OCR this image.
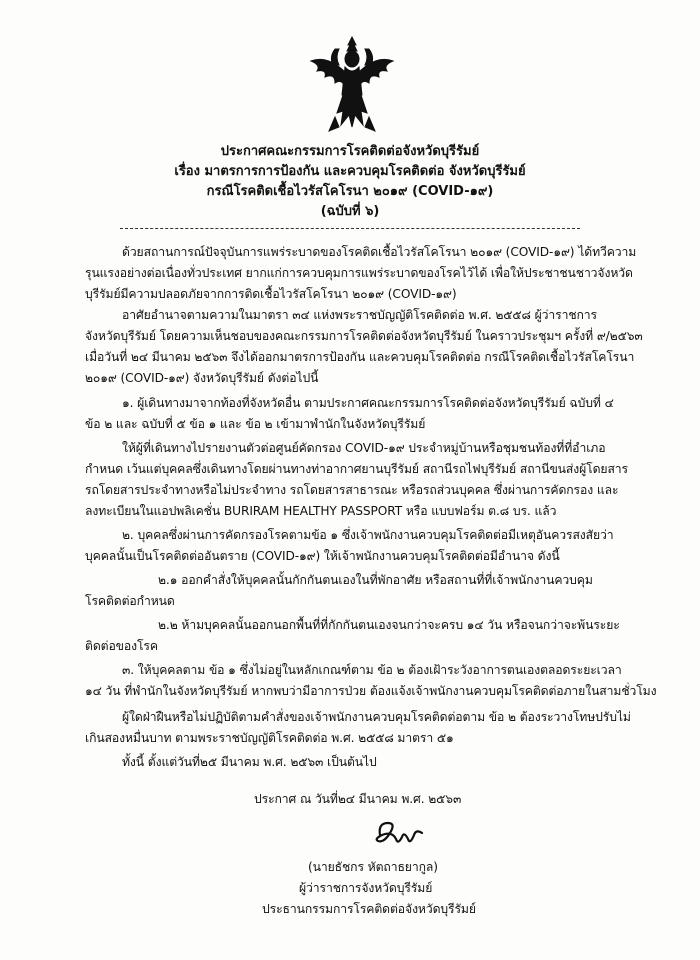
ประกาศคณะกรรมการโรคติดต่อจังหวัดบุรีรัมย์
เรื่อง มาตรการการป้องกัน และควบคุมโรคติดต่อ จังหวัดบุรีรัมย์
กรณีโรคติดเชื้อไวรัสโคโรนา ๒๐๑๙ (COVID-๑๙)
(ฉบับที่ ๖)
ด้วยสถานการณ์ปัจจุบันการแพร่ระบาดของโรคติดเชื้อไวรัสโคโรนา ๒๐๑๙ (COVID-๑๙) ได้ทวีความ
รุนแรงอย่างต่อเนื่องทั่วประเทศ ยากแก่การควบคุมการแพร่ระบาดของโรคไว้ได้ เพื่อให้ประชาชนชาวจังหวัด
บุรีรัมย์มีความปลอดภัยจากการติดเชื้อไวรัสโคโรนา ๒๐๑๙ (COVID-๑๙)
อาศัยอำนาจตามความในมาตรา ๓๔ แห่งพระราชบัญญัติโรคติดต่อ พ.ศ. ๒๕๕๘ ผู้ว่าราชการ
จังหวัดบุรีรัมย์ โดยความเห็นชอบของคณะกรรมการโรคติดต่อจังหวัดบุรีรัมย์ ในคราวประชุมฯ ครั้งที่ ๙/๒๕๖๓
เมื่อวันที่ ๒๔ มีนาคม ๒๕๖๓ จึงได้ออกมาตรการป้องกัน และควบคุมโรคติดต่อ กรณีโรคติดเชื้อไวรัสโคโรนา
๒๐๑๙ (COVID-๑๙) จังหวัดบุรีรัมย์ ดังต่อไปนี้
๑. ผู้เดินทางมาจากท้องที่จังหวัดอื่น ตามประกาศคณะกรรมการโรคติดต่อจังหวัดบุรีรัมย์ ฉบับที่ ๔
ข้อ ๒ และ ฉบับที่ ๕ ข้อ ๑ และ ข้อ ๒ เข้ามาพำนักในจังหวัดบุรีรัมย์
ให้ผู้ที่เดินทางไปรายงานตัวต่อศูนย์คัดกรอง COVID-๑๙ ประจำหมู่บ้านหรือชุมชนท้องที่ที่อำเภอ
กำหนด เว้นแต่บุคคลซึ่งเดินทางโดยผ่านทางท่าอากาศยานบุรีรัมย์ สถานีรถไฟบุรีรัมย์ สถานีขนส่งผู้โดยสาร
รถโดยสารประจำทางหรือไม่ประจำทาง รถโดยสารสาธารณะ หรือรถส่วนบุคคล ซึ่งผ่านการคัดกรอง และ
ลงทะเบียนในแอปพลิเคชั่น BURIRAM HEALTHY PASSPORT หรือ แบบฟอร์ม ต.๘ บร. แล้ว
๒. บุคคลซึ่งผ่านการคัดกรองโรคตามข้อ ๑ ซึ่งเจ้าพนักงานควบคุมโรคติดต่อมีเหตุอันควรสงสัยว่า
บุคคลนั้นเป็นโรคติดต่ออันตราย (COVID-๑๙) ให้เจ้าพนักงานควบคุมโรคติดต่อมีอำนาจ ดังนี้
๒.๑ ออกคำสั่งให้บุคคลนั้นกักกันตนเองในที่พักอาศัย หรือสถานที่ที่เจ้าพนักงานควบคุม
โรคติดต่อกำหนด
๒.๒ ห้ามบุคคลนั้นออกนอกพื้นที่ที่กักกันตนเองจนกว่าจะครบ ๑๔ วัน หรือจนกว่าจะพ้นระยะ
ติดต่อของโรค
๓. ให้บุคคลตาม ข้อ ๑ ซึ่งไม่อยู่ในหลักเกณฑ์ตาม ข้อ ๒ ต้องเฝ้าระวังอาการตนเองตลอดระยะเวลา
๑๔ วัน ที่พำนักในจังหวัดบุรีรัมย์ หากพบว่ามีอาการป่วย ต้องแจ้งเจ้าพนักงานควบคุมโรคติดต่อภายในสามชั่วโมง
ผู้ใดฝ่าฝืนหรือไม่ปฏิบัติตามคำสั่งของเจ้าพนักงานควบคุมโรคติดต่อตาม ข้อ ๒ ต้องระวางโทษปรับไม่
เกินสองหมื่นบาท ตามพระราชบัญญัติโรคติดต่อ พ.ศ. ๒๕๕๘ มาตรา ๕๑
ทั้งนี้ ตั้งแต่วันที่๒๕ มีนาคม พ.ศ. ๒๕๖๓ เป็นต้นไป
ประกาศ ณ วันที่๒๔ มีนาคม พ.ศ. ๒๕๖๓
(นายธัชกร หัตถาธยากูล)
ผู้ว่าราชการจังหวัดบุรีรัมย์
ประธานกรรมการโรคติดต่อจังหวัดบุรีรัมย์
